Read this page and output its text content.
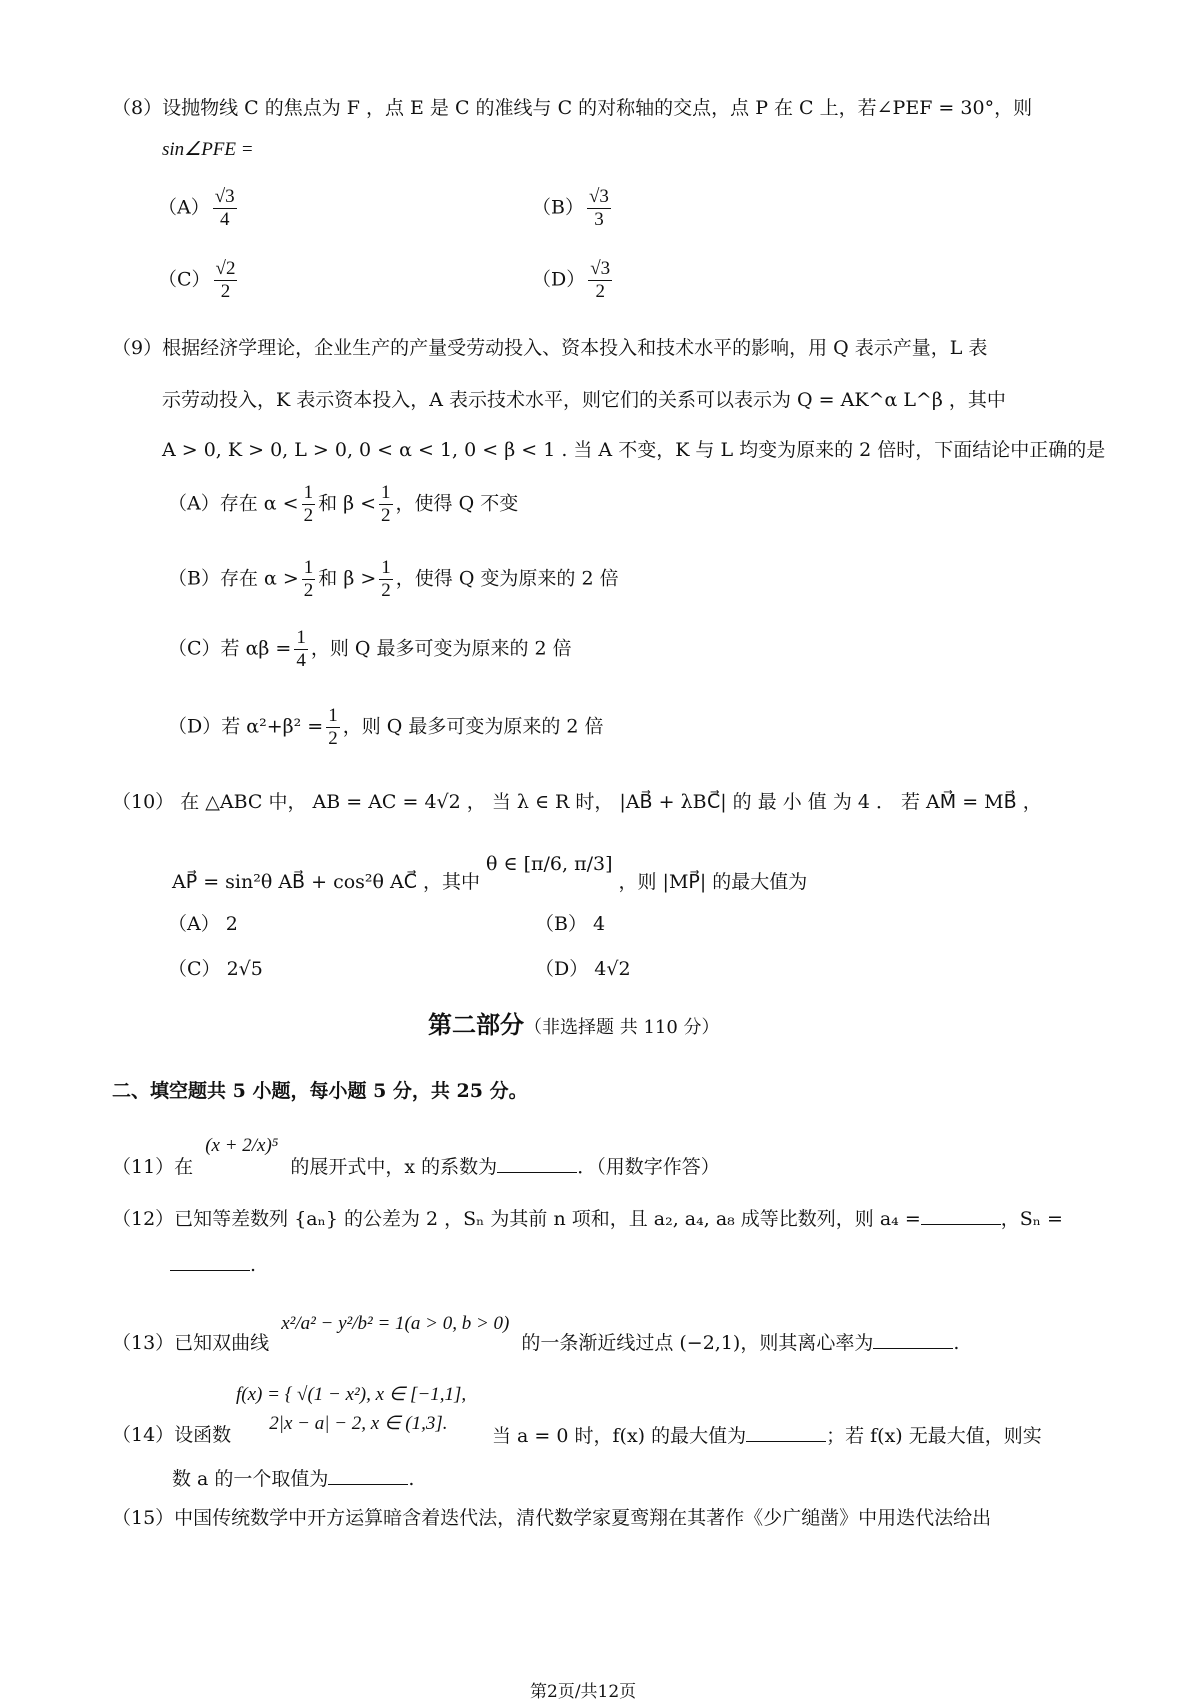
（8）设抛物线 C 的焦点为 F ，点 E 是 C 的准线与 C 的对称轴的交点，点 P 在 C 上，若∠PEF = 30°，则
sin∠PFE =
$(A) \frac{√3}{4}$	$(B) \frac{√3}{3}$
$(C) \frac{√2}{2}$	$(D) \frac{√3}{2}$
（9）根据经济学理论，企业生产的产量受劳动投入、资本投入和技术水平的影响，用 Q 表示产量，L 表
示劳动投入，K 表示资本投入，A 表示技术水平，则它们的关系可以表示为 Q = AK^α L^β ，其中
A > 0, K > 0, L > 0, 0 < α < 1, 0 < β < 1 . 当 A 不变，K 与 L 均变为原来的 2 倍时，下面结论中正确的是
（A）存在 $\alpha < \frac{1}{2}$ 和 $\beta < \frac{1}{2}$ ，使得 Q 不变
（B）存在 $\alpha > \frac{1}{2}$ 和 $\beta > \frac{1}{2}$ ，使得 Q 变为原来的 2 倍
（C）若 $\alpha\beta = \frac{1}{4}$ ，则 Q 最多可变为原来的 2 倍
（D）若 $\alpha^2+\beta^2 = \frac{1}{2}$ ，则 Q 最多可变为原来的 2 倍
（10） 在 △ABC 中， AB = AC = 4√2 ， 当 λ ∈ R 时， |AB⃗ + λBC⃗| 的 最 小 值 为 4 ． 若 AM⃗ = MB⃗ ，
AP⃗ = sin²θ AB⃗ + cos²θ AC⃗ ，其中θ ∈ [π/6, π/3]，则 |MP⃗| 的最大值为
（A） 2	（B） 4
（C） 2√5	（D） 4√2
第二部分（非选择题 共 110 分）
二、填空题共 5 小题，每小题 5 分，共 25 分。
（11）在(x + 2/x)⁵的展开式中，x 的系数为	．（用数字作答）
（12）已知等差数列 {aₙ} 的公差为 2 ，Sₙ 为其前 n 项和，且 a₂, a₄, a₈ 成等比数列，则 a₄ =	，Sₙ =
.
（13）已知双曲线x²/a² − y²/b² = 1(a > 0, b > 0)的一条渐近线过点 (−2,1)，则其离心率为	.
f(x) = { √(1 − x²), x ∈ [−1,1],
2|x − a| − 2, x ∈ (1,3].
（14）设函数	当 a = 0 时，f(x) 的最大值为	；若 f(x) 无最大值，则实
数 a 的一个取值为	.
（15）中国传统数学中开方运算暗含着迭代法，清代数学家夏鸾翔在其著作《少广缒凿》中用迭代法给出
第2页/共12页
